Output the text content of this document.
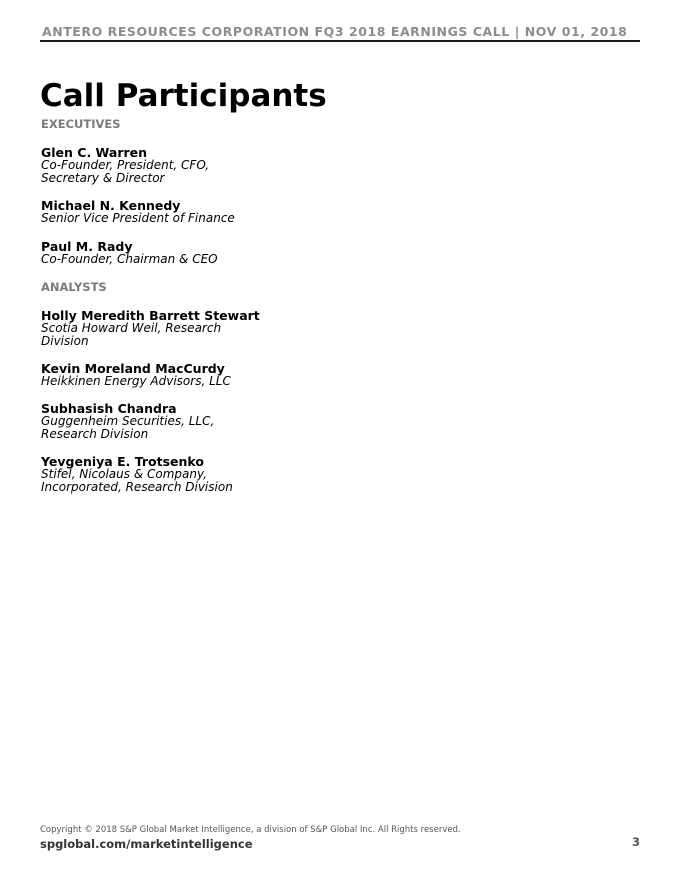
ANTERO RESOURCES CORPORATION FQ3 2018 EARNINGS CALL | NOV 01, 2018
Call Participants
EXECUTIVES
Glen C. Warren
Co-Founder, President, CFO,
Secretary & Director
Michael N. Kennedy
Senior Vice President of Finance
Paul M. Rady
Co-Founder, Chairman & CEO
ANALYSTS
Holly Meredith Barrett Stewart
Scotia Howard Weil, Research
Division
Kevin Moreland MacCurdy
Heikkinen Energy Advisors, LLC
Subhasish Chandra
Guggenheim Securities, LLC,
Research Division
Yevgeniya E. Trotsenko
Stifel, Nicolaus & Company,
Incorporated, Research Division
Copyright © 2018 S&P Global Market Intelligence, a division of S&P Global Inc. All Rights reserved.
spglobal.com/marketintelligence	3
